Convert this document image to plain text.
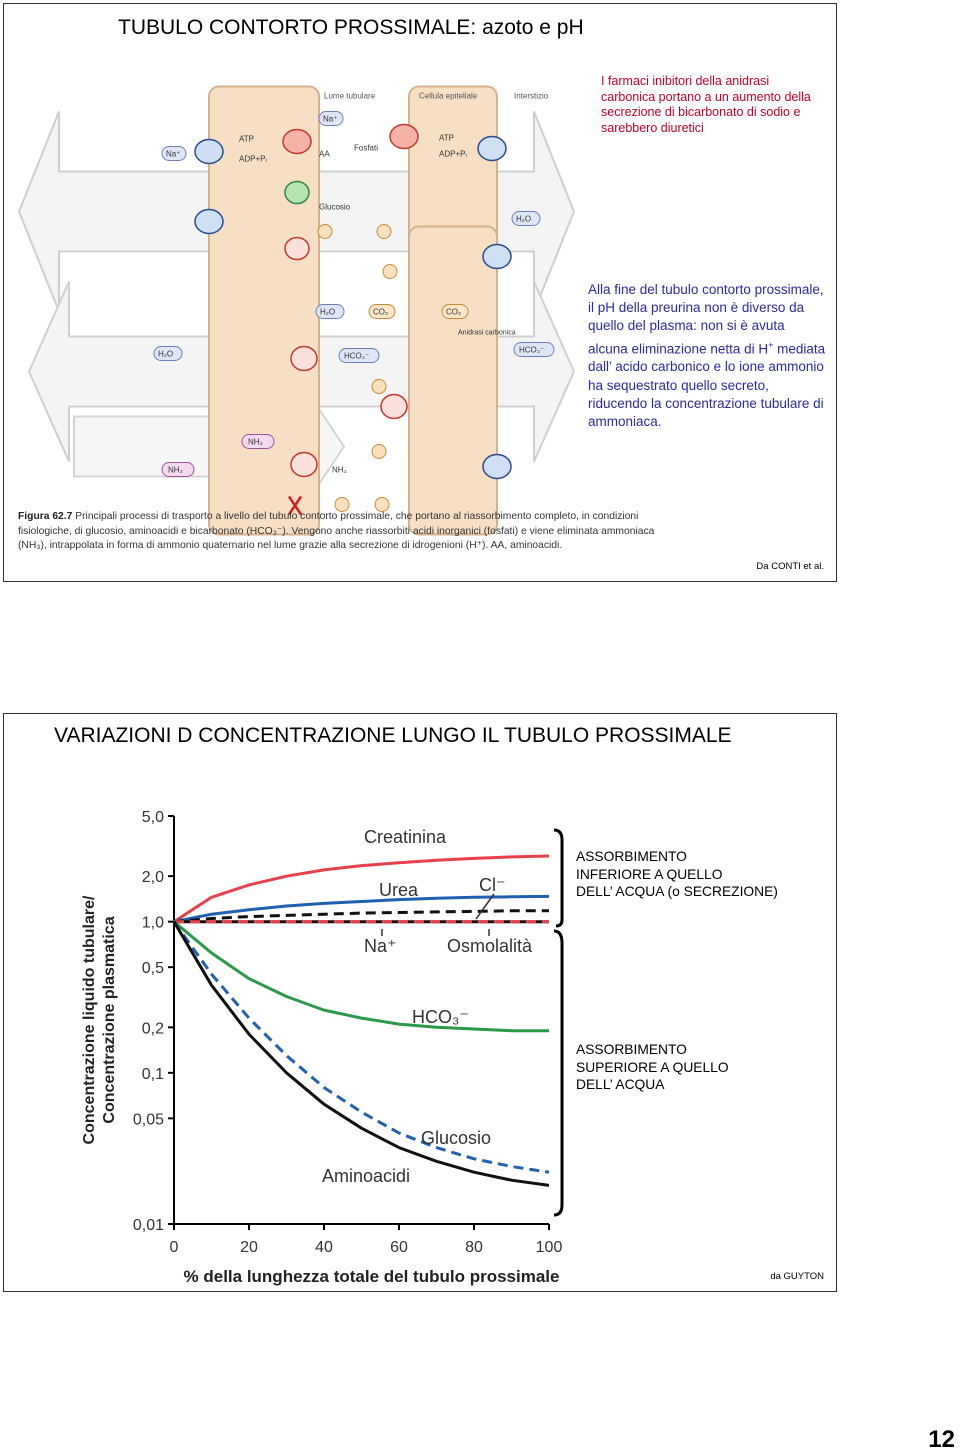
TUBULO CONTORTO PROSSIMALE: azoto e pH
Lume tubulare	Cellula epiteliale	Interstizio
Na⁺
Na⁺
ATP
ADP+Pᵢ
AA
Fosfati
Glucosio
ATP
ADP+Pᵢ
H₂O
H₂O
H₂O	CO₂	CO₂
Anidrasi carbonica
HCO₃⁻
HCO₃⁻
NH₃
NH₃	NH₃
Figura 62.7 Principali processi di trasporto a livello del tubulo contorto prossimale, che portano al riassorbimento completo, in condizioni fisiologiche, di glucosio, aminoacidi e bicarbonato (HCO₃⁻). Vengono anche riassorbiti acidi inorganici (fosfati) e viene eliminata ammoniaca (NH₃), intrappolata in forma di ammonio quaternario nel lume grazie alla secrezione di idrogenioni (H⁺). AA, aminoacidi.
I farmaci inibitori della anidrasi carbonica portano a un aumento della secrezione di bicarbonato di sodio e sarebbero diuretici
Alla fine del tubulo contorto prossimale, il pH della preurina non è diverso da quello del plasma: non si è avuta alcuna eliminazione netta di H+ mediata dall’ acido carbonico e lo ione ammonio ha sequestrato quello secreto, riducendo la concentrazione tubulare di ammoniaca.
Da CONTI et al.
VARIAZIONI D CONCENTRAZIONE LUNGO IL TUBULO PROSSIMALE
5,0
2,0
1,0
0,5
0,2
0,1
0,05
0,01
0	20	40	60	80	100
% della lunghezza totale del tubulo prossimale
Concentrazione liquido tubulare/ Concentrazione plasmatica
Creatinina
Urea	Cl⁻
Na⁺	Osmolalità
HCO₃⁻
Glucosio
Aminoacidi
ASSORBIMENTO
INFERIORE A QUELLO
DELL’ ACQUA (o SECREZIONE)
ASSORBIMENTO
SUPERIORE A QUELLO
DELL’ ACQUA
da GUYTON
12
